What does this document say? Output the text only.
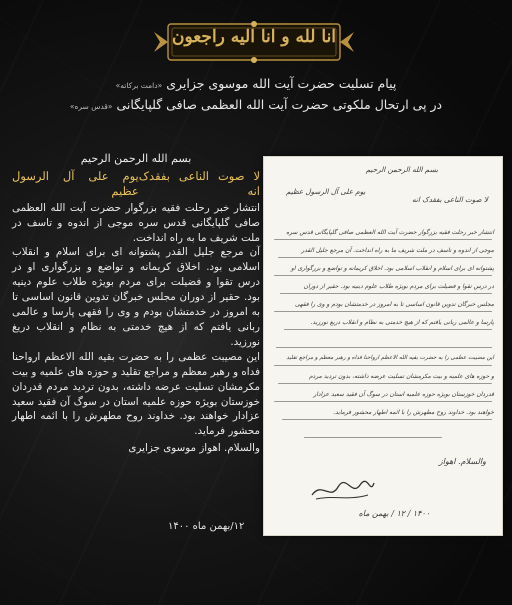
انا لله و انا الیه راجعون
پیام تسلیت حضرت آیت الله موسوی جزایری «دامت برکاته»
در پی ارتحال ملکوتی حضرت آیت الله العظمی صافی گلپایگانی «قدس سره»

بسم الله الرحمن الرحیم

لا صوت الناعی بفقدک انه
یوم علی آل الرسول عظیم

انتشار خبر رحلت فقیه بزرگوار حضرت آیت الله العظمی صافی گلپایگانی قدس سره موجی از اندوه و تاسف در ملت شریف ما به راه انداخت.

آن مرجع جلیل القدر پشتوانه ای برای اسلام و انقلاب اسلامی بود. اخلاق کریمانه و تواضع و بزرگواری او در درس تقوا و فضیلت برای مردم بویژه طلاب علوم دینیه بود. حقیر از دوران مجلس خبرگان تدوین قانون اساسی تا به امروز در خدمتشان بودم و وی را فقهی پارسا و عالمی ربانی یافتم که از هیچ خدمتی به نظام و انقلاب دریغ نورزید.

این مصیبت عظمی را به حضرت بقیه الله الاعظم ارواحنا فداه و رهبر معظم و مراجع تقلید و حوزه های علمیه و بیت مکرمشان تسلیت عرضه داشته، بدون تردید مردم قدردان خوزستان بویژه حوزه علمیه استان در سوگ آن فقید سعید عزادار خواهند بود. خداوند روح مطهرش را با ائمه اطهار محشور فرماید.

والسلام. اهواز موسوی جزایری

۱۲/بهمن ماه ۱۴۰۰
بسم الله الرحمن الرحیم
لا صوت الناعی بفقدک انه
یوم علی آل الرسول عظیم
انتشار خبر رحلت فقیه بزرگوار حضرت آیت الله العظمی صافی گلپایگانی قدس سره
موجی از اندوه و تاسف در ملت شریف ما به راه انداخت. آن مرجع جلیل القدر
پشتوانه ای برای اسلام و انقلاب اسلامی بود. اخلاق کریمانه و تواضع و بزرگواری او
در درس تقوا و فضیلت برای مردم بویژه طلاب علوم دینیه بود. حقیر از دوران
مجلس خبرگان تدوین قانون اساسی تا به امروز در خدمتشان بودم و وی را فقهی
پارسا و عالمی ربانی یافتم که از هیچ خدمتی به نظام و انقلاب دریغ نورزید.
این مصیبت عظمی را به حضرت بقیه الله الاعظم ارواحنا فداه و رهبر معظم و مراجع تقلید
و حوزه های علمیه و بیت مکرمشان تسلیت عرضه داشته، بدون تردید مردم
قدردان خوزستان بویژه حوزه علمیه استان در سوگ آن فقید سعید عزادار
خواهند بود. خداوند روح مطهرش را با ائمه اطهار محشور فرماید.
والسلام. اهواز
۱۴۰۰ / ۱۲ / بهمن ماه
